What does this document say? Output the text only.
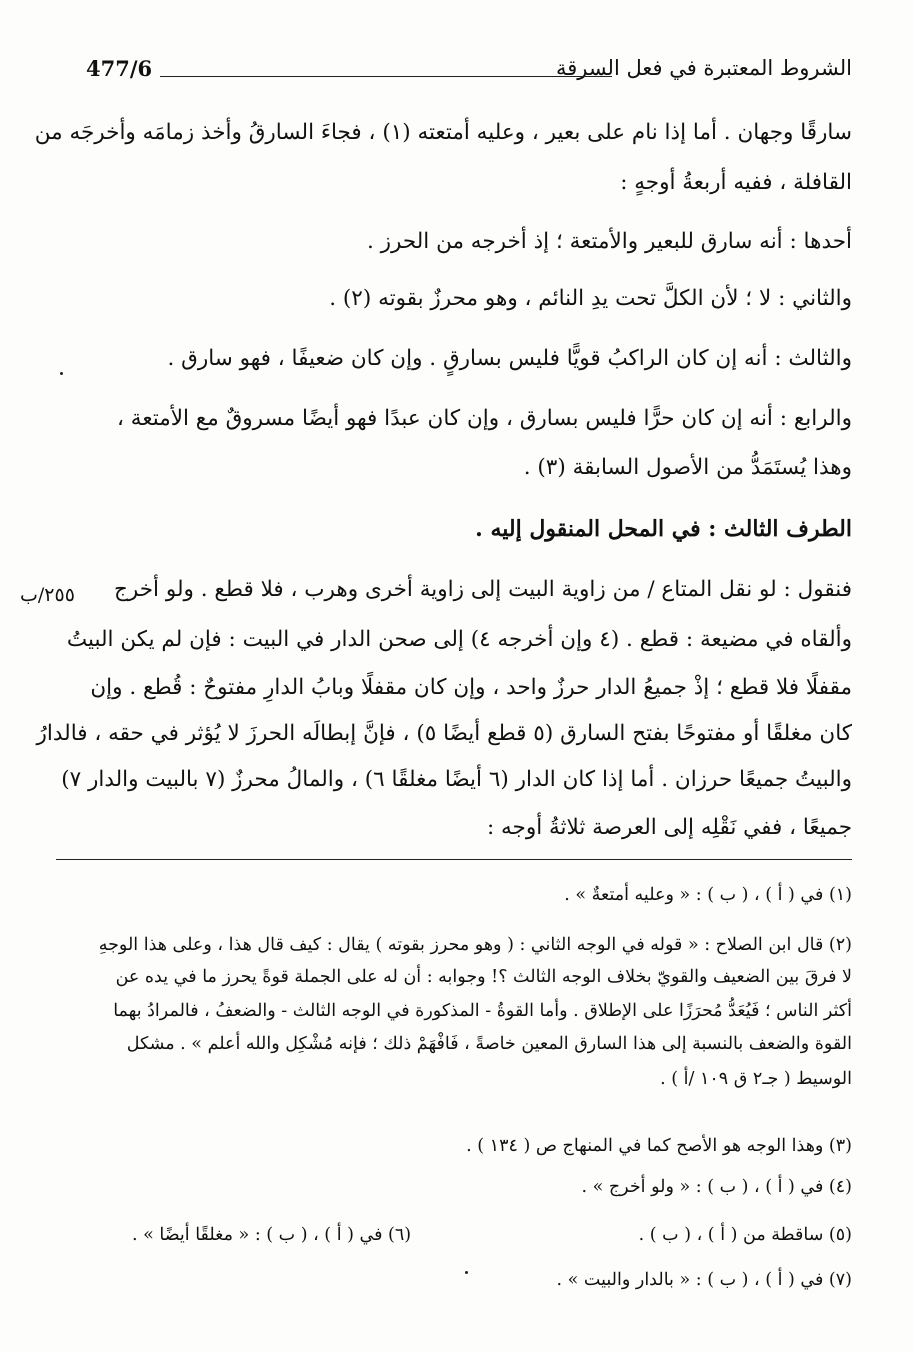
الشروط المعتبرة في فعل السرقة
477/6
سارقًا وجهان . أما إذا نام على بعير ، وعليه أمتعته (١) ، فجاءَ السارقُ وأخذ زمامَه وأخرجَه من
القافلة ، ففيه أربعةُ أوجهٍ :
أحدها : أنه سارق للبعير والأمتعة ؛ إذ أخرجه من الحرز .
والثاني : لا ؛ لأن الكلَّ تحت يدِ النائم ، وهو محرزٌ بقوته (٢) .
والثالث : أنه إن كان الراكبُ قويًّا فليس بسارقٍ . وإن كان ضعيفًا ، فهو سارق .
والرابع : أنه إن كان حرًّا فليس بسارق ، وإن كان عبدًا فهو أيضًا مسروقٌ مع الأمتعة ،
وهذا يُستَمَدُّ من الأصول السابقة (٣) .
الطرف الثالث : في المحل المنقول إليه .
فنقول : لو نقل المتاع / من زاوية البيت إلى زاوية أخرى وهرب ، فلا قطع . ولو أخرج
وألقاه في مضيعة : قطع . (٤ وإن أخرجه ٤) إلى صحن الدار في البيت : فإن لم يكن البيتُ
مقفلًا فلا قطع ؛ إذْ جميعُ الدار حرزٌ واحد ، وإن كان مقفلًا وبابُ الدارِ مفتوحٌ : قُطع . وإن
كان مغلقًا أو مفتوحًا بفتح السارق (٥ قطع أيضًا ٥) ، فإنَّ إبطالَه الحرزَ لا يُؤثر في حقه ، فالدارُ
والبيتُ جميعًا حرزان . أما إذا كان الدار (٦ أيضًا مغلقًا ٦) ، والمالُ محرزٌ (٧ بالبيت والدار ٧)
جميعًا ، ففي نَقْلِه إلى العرصة ثلاثةُ أوجه :
٢٥٥/ب
(١) في ( أ ) ، ( ب ) : « وعليه أمتعةٌ » .
(٢) قال ابن الصلاح : « قوله في الوجه الثاني : ( وهو محرز بقوته ) يقال : كيف قال هذا ، وعلى هذا الوجهِ
لا فرقَ بين الضعيف والقويّ بخلاف الوجه الثالث ؟! وجوابه : أن له على الجملة قوةً يحرز ما في يده عن
أكثر الناس ؛ فَيُعَدُّ مُحرَزًا على الإطلاق . وأما القوةُ - المذكورة في الوجه الثالث - والضعفُ ، فالمرادُ بهما
القوة والضعف بالنسبة إلى هذا السارق المعين خاصةً ، فَافْهَمْ ذلك ؛ فإنه مُشْكِل والله أعلم » . مشكل
الوسيط ( جـ٢ ق ١٠٩ /أ ) .
(٣) وهذا الوجه هو الأصح كما في المنهاج ص ( ١٣٤ ) .
(٤) في ( أ ) ، ( ب ) : « ولو أخرج » .
(٥) ساقطة من ( أ ) ، ( ب ) .
(٦) في ( أ ) ، ( ب ) : « مغلقًا أيضًا » .
(٧) في ( أ ) ، ( ب ) : « بالدار والبيت » .
